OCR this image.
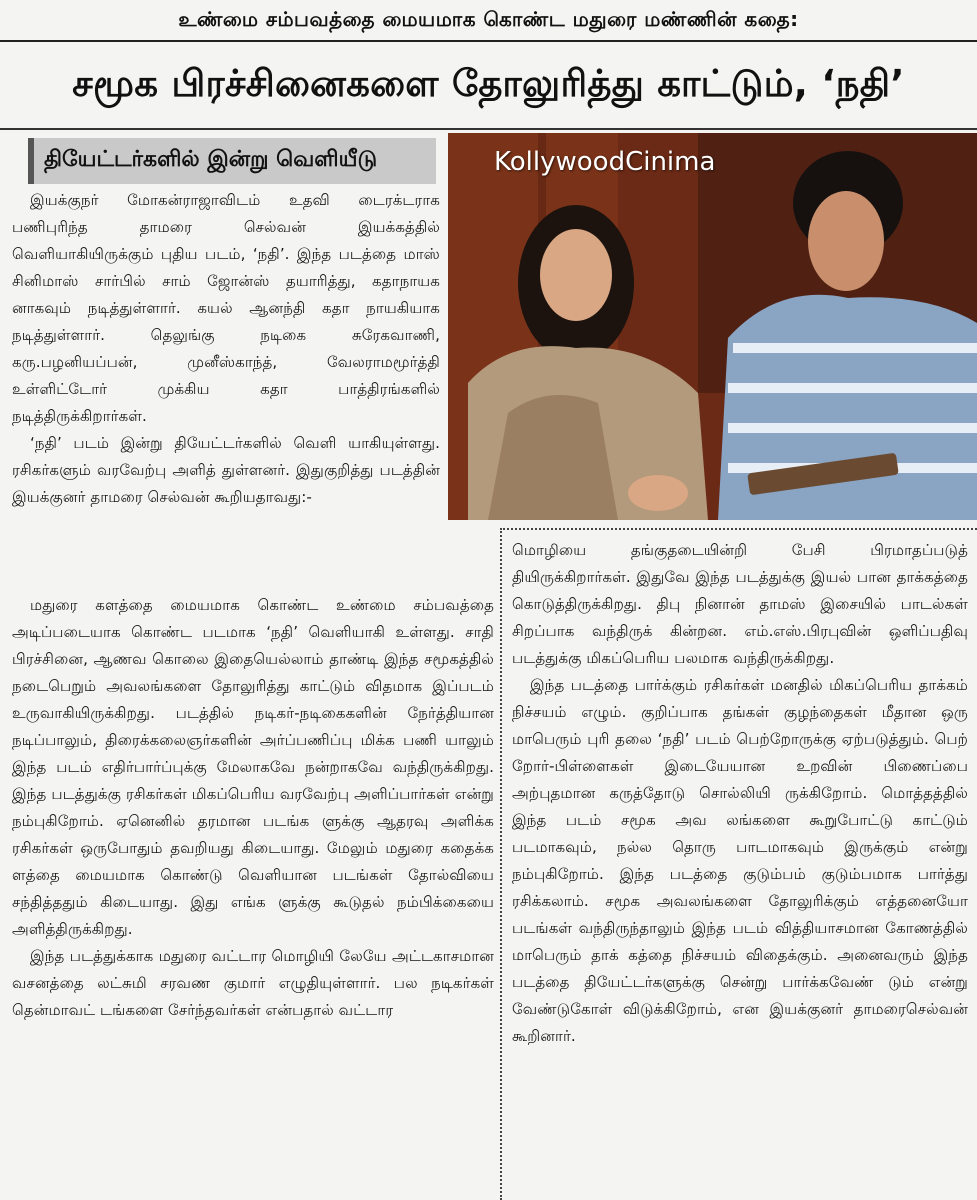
உண்மை சம்பவத்தை மையமாக கொண்ட மதுரை மண்ணின் கதை:
சமூக பிரச்சினைகளை தோலுரித்து காட்டும், ‘நதி’
தியேட்டர்களில் இன்று வெளியீடு	KollywoodCinima

இயக்குநர் மோகன்ராஜாவிடம் உதவி டைரக்டராக பணிபுரிந்த தாமரை செல்வன் இயக்கத்தில் வெளியாகியிருக்கும் புதிய படம், ‘நதி’. இந்த படத்தை மாஸ் சினிமாஸ் சார்பில் சாம் ஜோன்ஸ் தயாரித்து, கதாநாயக னாகவும் நடித்துள்ளார். கயல் ஆனந்தி கதா நாயகியாக நடித்துள்ளார். தெலுங்கு நடிகை சுரேகவாணி, கரு.பழனியப்பன், முனீஸ்காந்த், வேலராமமூர்த்தி உள்ளிட்டோர் முக்கிய கதா பாத்திரங்களில் நடித்திருக்கிறார்கள்.

‘நதி’ படம் இன்று தியேட்டர்களில் வெளி யாகியுள்ளது. ரசிகர்களும் வரவேற்பு அளித் துள்ளனர். இதுகுறித்து படத்தின் இயக்குனர் தாமரை செல்வன் கூறியதாவது:-

மதுரை களத்தை மையமாக கொண்ட உண்மை சம்பவத்தை அடிப்படையாக கொண்ட படமாக ‘நதி’ வெளியாகி உள்ளது. சாதி பிரச்சினை, ஆணவ கொலை இதையெல்லாம் தாண்டி இந்த சமூகத்தில் நடைபெறும் அவலங்களை தோலுரித்து காட்டும் விதமாக இப்படம் உருவாகியிருக்கிறது. படத்தில் நடிகர்-நடிகைகளின் நேர்த்தியான நடிப்பாலும், திரைக்கலைஞர்களின் அர்ப்பணிப்பு மிக்க பணி யாலும் இந்த படம் எதிர்பார்ப்புக்கு மேலாகவே நன்றாகவே வந்திருக்கிறது. இந்த படத்துக்கு ரசிகர்கள் மிகப்பெரிய வரவேற்பு அளிப்பார்கள் என்று நம்புகிறோம். ஏனெனில் தரமான படங்க ளுக்கு ஆதரவு அளிக்க ரசிகர்கள் ஒருபோதும் தவறியது கிடையாது. மேலும் மதுரை கதைக்க ளத்தை மையமாக கொண்டு வெளியான படங்கள் தோல்வியை சந்தித்ததும் கிடையாது. இது எங்க ளுக்கு கூடுதல் நம்பிக்கையை அளித்திருக்கிறது.

இந்த படத்துக்காக மதுரை வட்டார மொழியி லேயே அட்டகாசமான வசனத்தை லட்சுமி சரவண குமார் எழுதியுள்ளார். பல நடிகர்கள் தென்மாவட் டங்களை சேர்ந்தவர்கள் என்பதால் வட்டார

மொழியை தங்குதடையின்றி பேசி பிரமாதப்படுத் தியிருக்கிறார்கள். இதுவே இந்த படத்துக்கு இயல் பான தாக்கத்தை கொடுத்திருக்கிறது. திபு நினான் தாமஸ் இசையில் பாடல்கள் சிறப்பாக வந்திருக் கின்றன. எம்.எஸ்.பிரபுவின் ஒளிப்பதிவு படத்துக்கு மிகப்பெரிய பலமாக வந்திருக்கிறது.

இந்த படத்தை பார்க்கும் ரசிகர்கள் மனதில் மிகப்பெரிய தாக்கம் நிச்சயம் எழும். குறிப்பாக தங்கள் குழந்தைகள் மீதான ஒரு மாபெரும் புரி தலை ‘நதி’ படம் பெற்றோருக்கு ஏற்படுத்தும். பெற் றோர்-பிள்ளைகள் இடையேயான உறவின் பிணைப்பை அற்புதமான கருத்தோடு சொல்லியி ருக்கிறோம். மொத்தத்தில் இந்த படம் சமூக அவ லங்களை கூறுபோட்டு காட்டும் படமாகவும், நல்ல தொரு பாடமாகவும் இருக்கும் என்று நம்புகிறோம். இந்த படத்தை குடும்பம் குடும்பமாக பார்த்து ரசிக்கலாம். சமூக அவலங்களை தோலுரிக்கும் எத்தனையோ படங்கள் வந்திருந்தாலும் இந்த படம் வித்தியாசமான கோணத்தில் மாபெரும் தாக் கத்தை நிச்சயம் விதைக்கும். அனைவரும் இந்த படத்தை தியேட்டர்களுக்கு சென்று பார்க்கவேண் டும் என்று வேண்டுகோள் விடுக்கிறோம், என இயக்குனர் தாமரைசெல்வன் கூறினார்.
